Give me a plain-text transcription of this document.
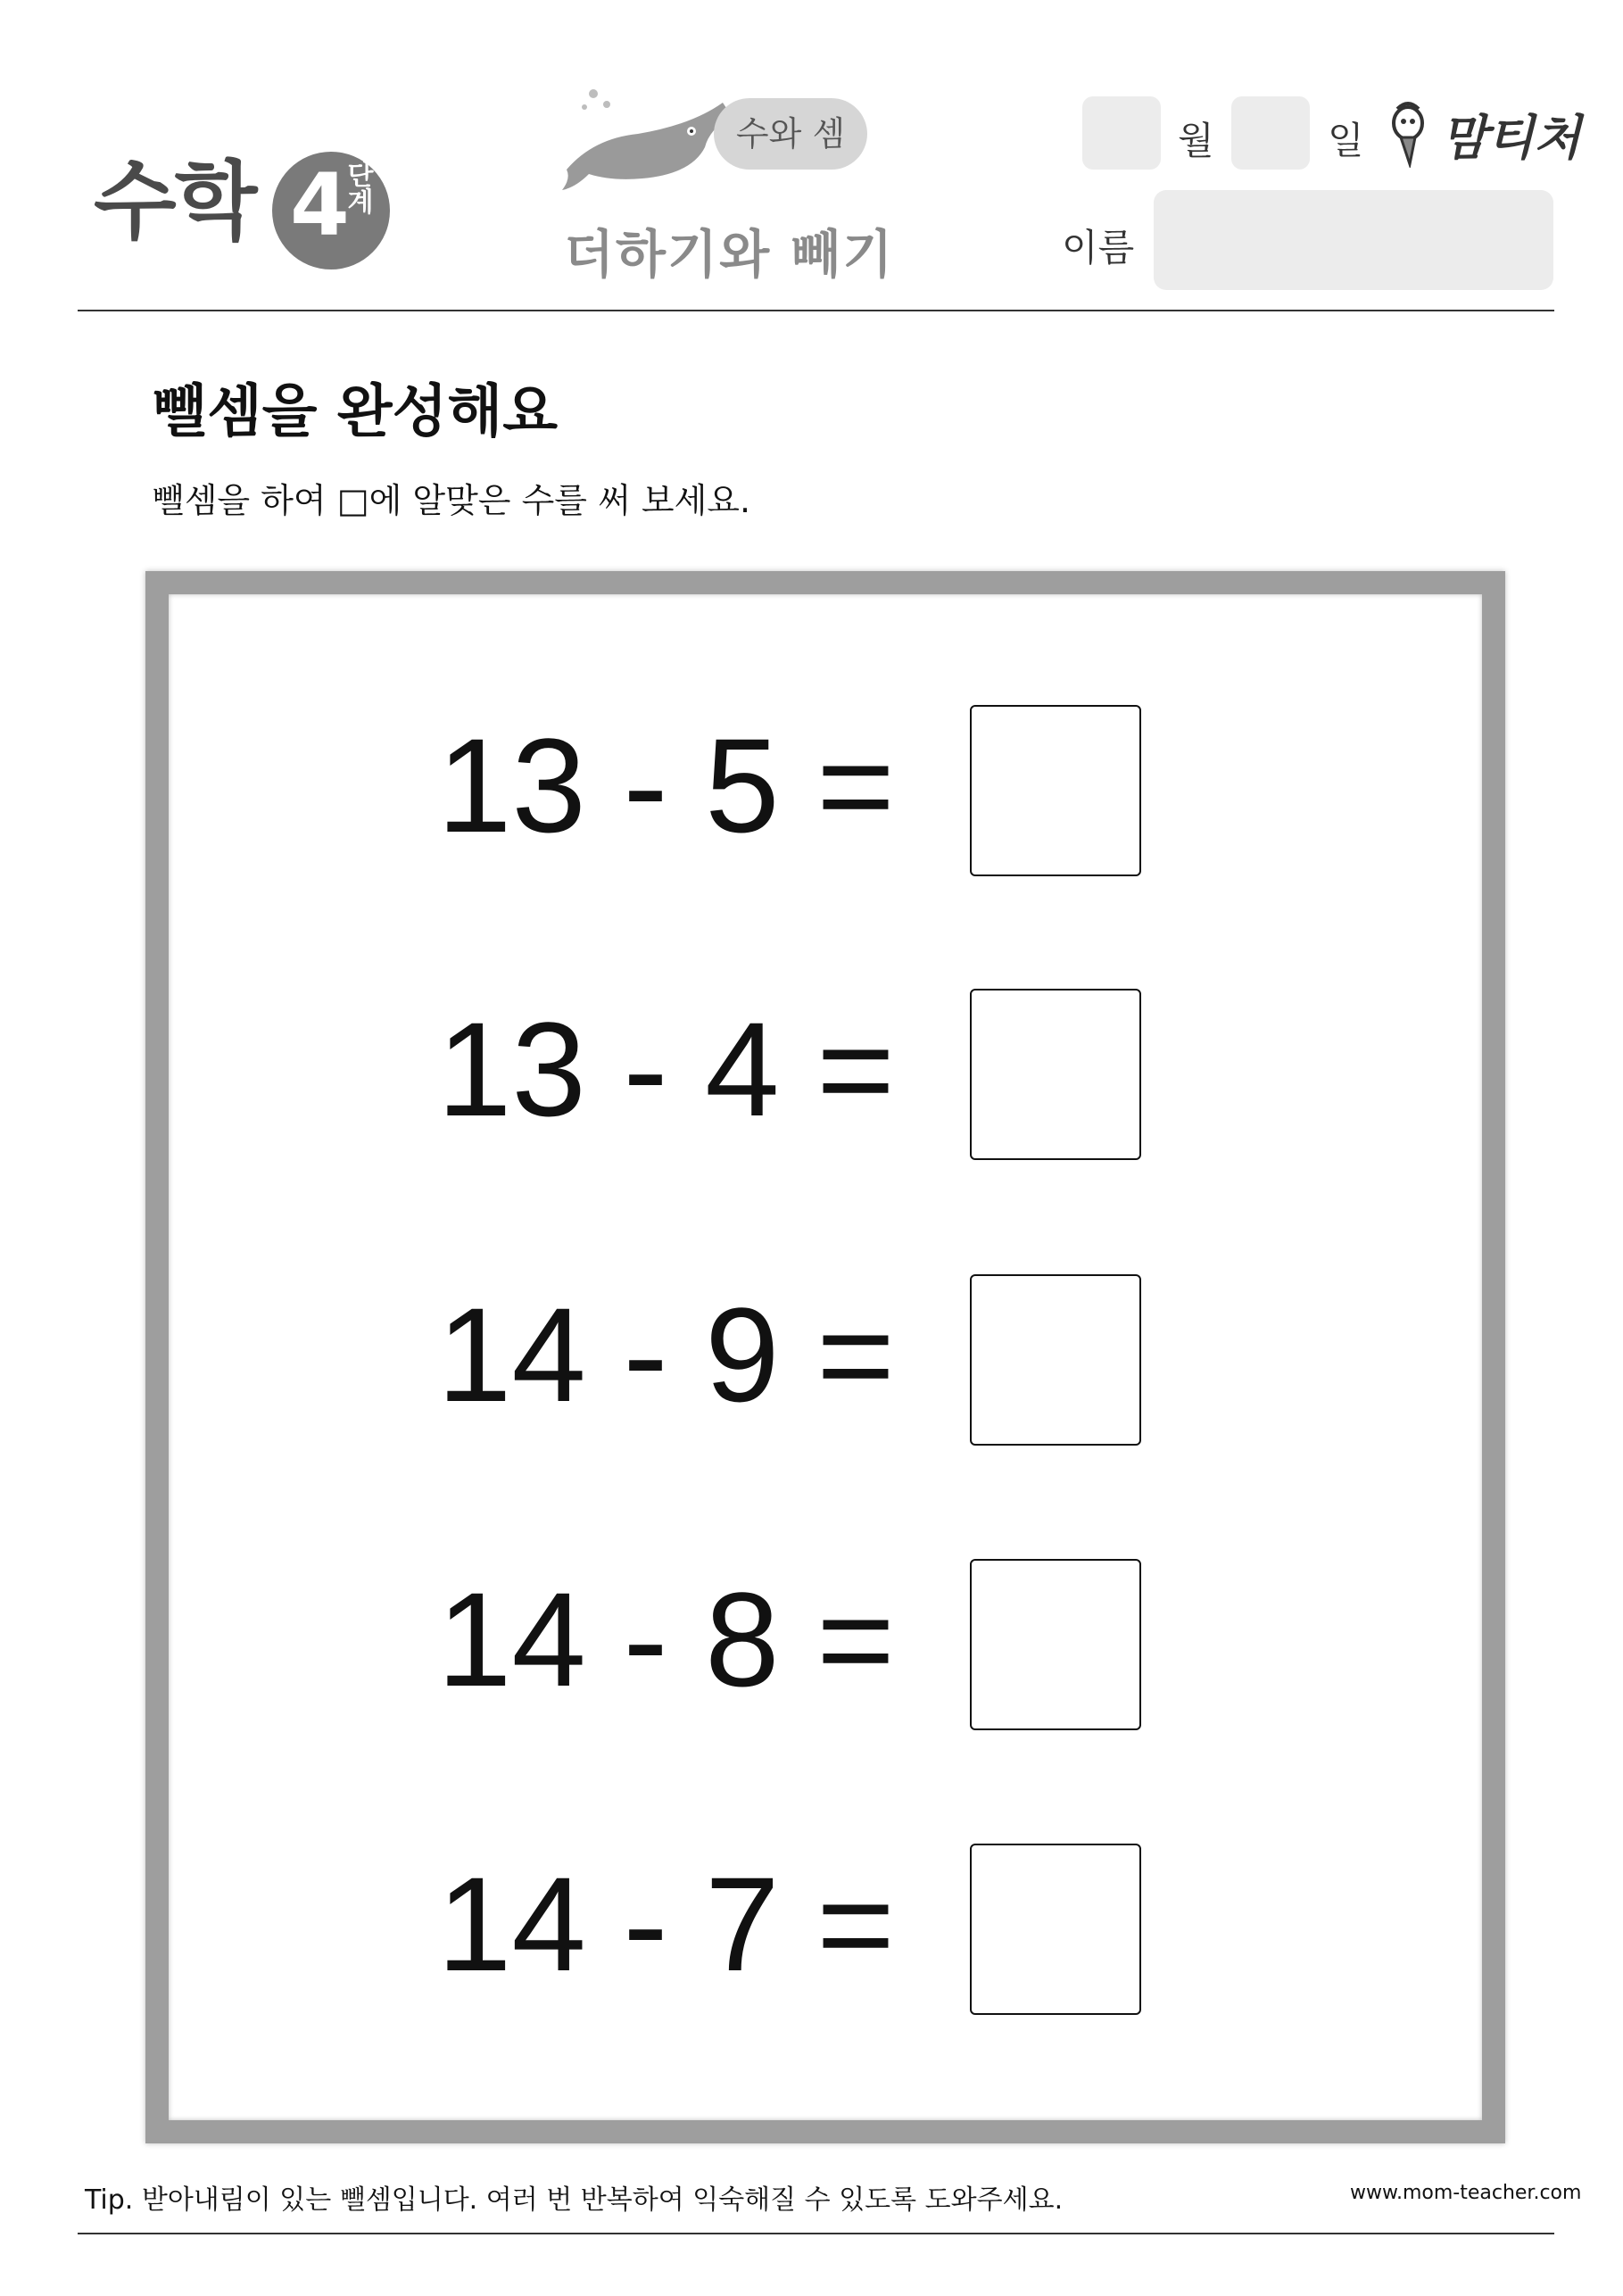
수학 4
단계
수와 셈
더하기와 빼기
월	일 맘티처
이름
뺄셈을 완성해요
뺄셈을 하여 □에 알맞은 수를 써 보세요.
13 - 5 =
13 - 4 =
14 - 9 =
14 - 8 =
14 - 7 =
Tip. 받아내림이 있는 뺄셈입니다. 여러 번 반복하여 익숙해질 수 있도록 도와주세요.	www.mom-teacher.com
